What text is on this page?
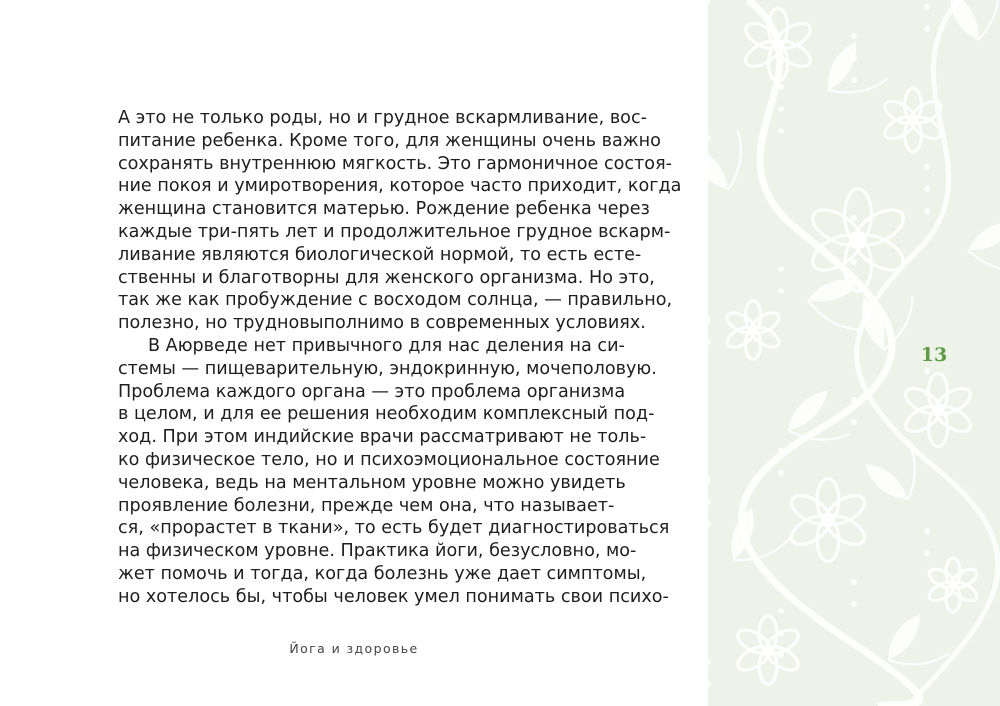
А это не только роды, но и грудное вскармливание, вос-
питание ребенка. Кроме того, для женщины очень важно
сохранять внутреннюю мягкость. Это гармоничное состоя-
ние покоя и умиротворения, которое часто приходит, когда
женщина становится матерью. Рождение ребенка через
каждые три-пять лет и продолжительное грудное вскарм-
ливание являются биологической нормой, то есть есте-
ственны и благотворны для женского организма. Но это,
так же как пробуждение с восходом солнца, — правильно,
полезно, но трудновыполнимо в современных условиях.
В Аюрведе нет привычного для нас деления на си-
стемы — пищеварительную, эндокринную, мочеполовую.
Проблема каждого органа — это проблема организма
в целом, и для ее решения необходим комплексный под-
ход. При этом индийские врачи рассматривают не толь-
ко физическое тело, но и психоэмоциональное состояние
человека, ведь на ментальном уровне можно увидеть
проявление болезни, прежде чем она, что называет-
ся, «прорастет в ткани», то есть будет диагностироваться
на физическом уровне. Практика йоги, безусловно, мо-
жет помочь и тогда, когда болезнь уже дает симптомы,
но хотелось бы, чтобы человек умел понимать свои психо-
Йога и здоровье
13
